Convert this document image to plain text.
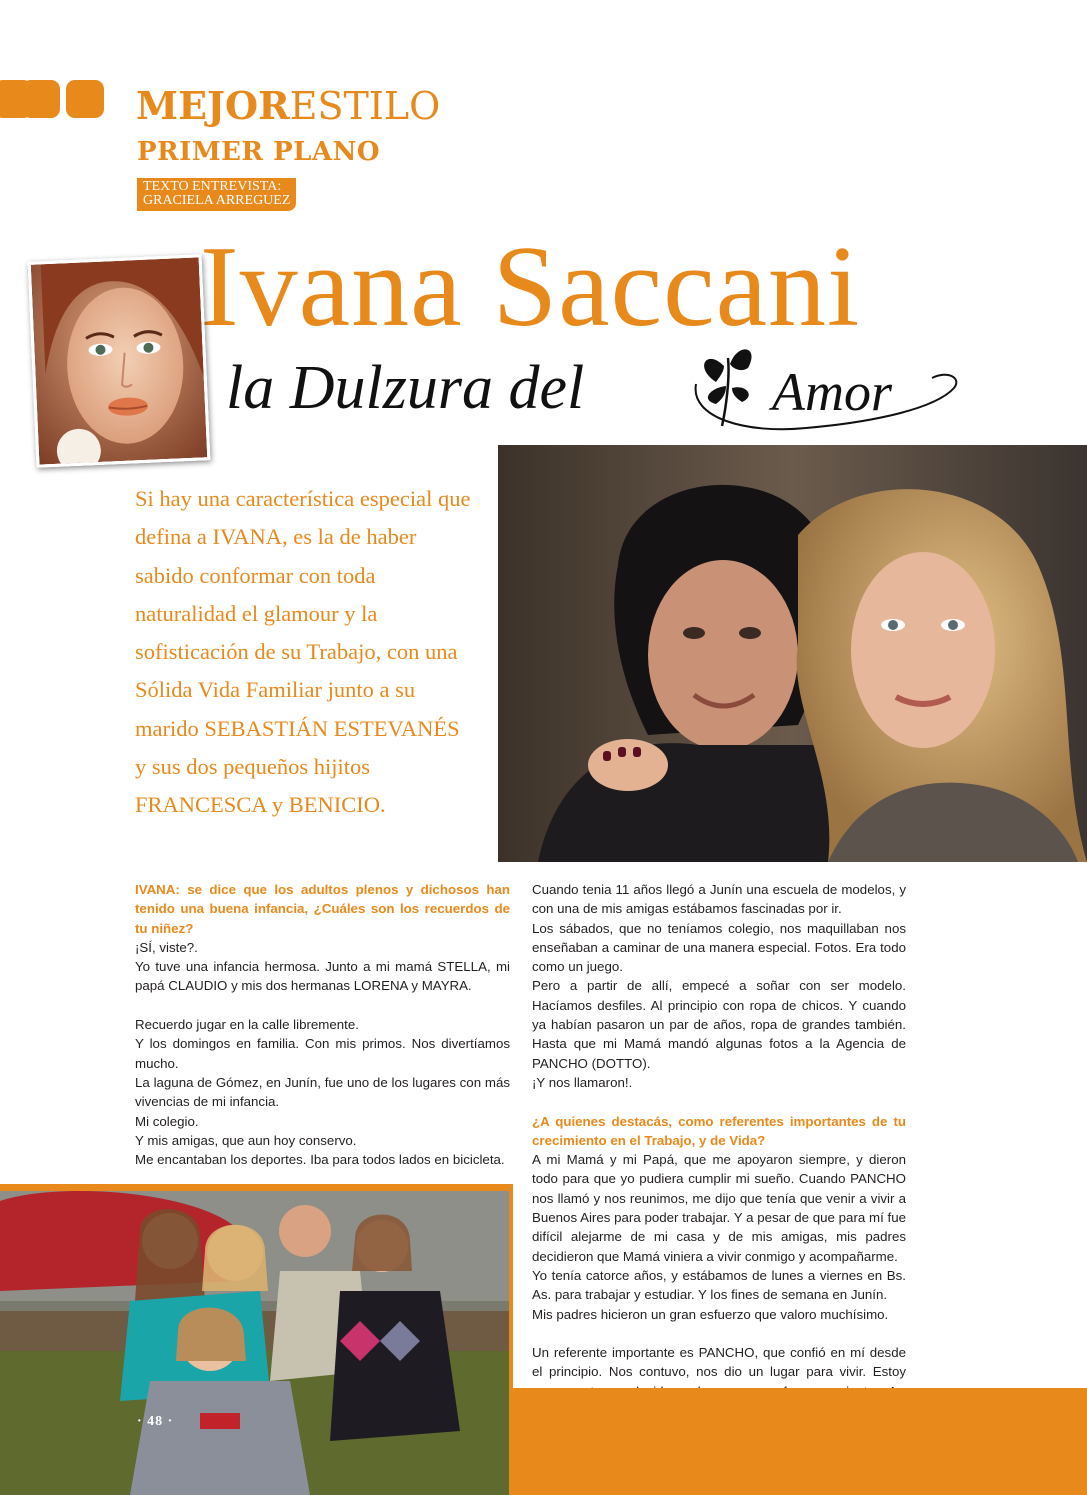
MEJORESTILO
PRIMER PLANO
TEXTO ENTREVISTA:
GRACIELA ARREGUEZ
Ivana Saccani
la Dulzura del	Amor

Si hay una característica especial que defina a IVANA, es la de haber sabido conformar con toda naturalidad el glamour y la sofisticación de su Trabajo, con una Sólida Vida Familiar junto a su marido SEBASTIÁN ESTEVANÉS y sus dos pequeños hijitos FRANCESCA y BENICIO.

IVANA: se dice que los adultos plenos y dichosos han tenido una buena infancia, ¿Cuáles son los recuerdos de tu niñez?

¡SÍ, viste?.

Yo tuve una infancia hermosa. Junto a mi mamá STELLA, mi papá CLAUDIO y mis dos hermanas LORENA y MAYRA.

Recuerdo jugar en la calle libremente.

Y los domingos en familia. Con mis primos. Nos divertíamos mucho.

La laguna de Gómez, en Junín, fue uno de los lugares con más vivencias de mi infancia.

Mi colegio.

Y mis amigas, que aun hoy conservo.

Me encantaban los deportes. Iba para todos lados en bicicleta.

Cuando tenia 11 años llegó a Junín una escuela de modelos, y con una de mis amigas estábamos fascinadas por ir.

Los sábados, que no teníamos colegio, nos maquillaban nos enseñaban a caminar de una manera especial. Fotos. Era todo como un juego.

Pero a partir de allí, empecé a soñar con ser modelo. Hacíamos desfiles. Al principio con ropa de chicos. Y cuando ya habían pasaron un par de años, ropa de grandes también. Hasta que mi Mamá mandó algunas fotos a la Agencia de PANCHO (DOTTO).

¡Y nos llamaron!.

¿A quienes destacás, como referentes importantes de tu crecimiento en el Trabajo, y de Vida?

A mi Mamá y mi Papá, que me apoyaron siempre, y dieron todo para que yo pudiera cumplir mi sueño. Cuando PANCHO nos llamó y nos reunimos, me dijo que tenía que venir a vivir a Buenos Aires para poder trabajar. Y a pesar de que para mí fue difícil alejarme de mi casa y de mis amigas, mis padres decidieron que Mamá viniera a vivir conmigo y acompañarme.

Yo tenía catorce años, y estábamos de lunes a viernes en Bs. As. para trabajar y estudiar. Y los fines de semana en Junín.

Mis padres hicieron un gran esfuerzo que valoro muchísimo.

Un referente importante es PANCHO, que confió en mí desde el principio. Nos contuvo, nos dio un lugar para vivir. Estoy

· 48 ·
